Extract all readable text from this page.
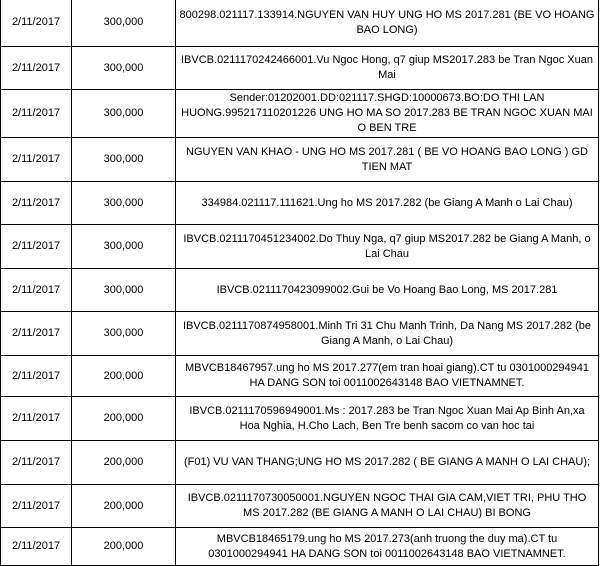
2/11/2017	300,000	800298.021117.133914.NGUYEN VAN HUY UNG HO MS 2017.281 (BE VO HOANG BAO LONG)
2/11/2017	300,000	IBVCB.0211170242466001.Vu Ngoc Hong, q7 giup MS2017.283 be Tran Ngoc Xuan Mai
2/11/2017	300,000	Sender:01202001.DD:021117.SHGD:10000673.BO:DO THI LAN HUONG.995217110201226 UNG HO MA SO 2017.283 BE TRAN NGOC XUAN MAI O BEN TRE
2/11/2017	300,000	NGUYEN VAN KHAO - UNG HO MS 2017.281 ( BE VO HOANG BAO LONG ) GD TIEN MAT
2/11/2017	300,000	334984.021117.111621.Ung ho MS 2017.282 (be Giang A Manh o Lai Chau)
2/11/2017	300,000	IBVCB.0211170451234002.Do Thuy Nga, q7 giup MS2017.282 be Giang A Manh, o Lai Chau
2/11/2017	300,000	IBVCB.0211170423099002.Gui be Vo Hoang Bao Long, MS 2017.281
2/11/2017	300,000	IBVCB.0211170874958001.Minh Tri 31 Chu Manh Trinh, Da Nang MS 2017.282 (be Giang A Manh, o Lai Chau)
2/11/2017	200,000	MBVCB18467957.ung ho MS 2017.277(em tran hoai giang).CT tu 0301000294941 HA DANG SON toi 0011002643148 BAO VIETNAMNET.
2/11/2017	200,000	IBVCB.0211170596949001.Ms : 2017.283 be Tran Ngoc Xuan Mai Ap Binh An,xa Hoa Nghia, H.Cho Lach, Ben Tre benh sacom co van hoc tai
2/11/2017	200,000	(F01) VU VAN THANG;UNG HO MS 2017.282 ( BE GIANG A MANH O LAI CHAU);
2/11/2017	200,000	IBVCB.0211170730050001.NGUYEN NGOC THAI GIA CAM,VIET TRI, PHU THO MS 2017.282 (BE GIANG A MANH O LAI CHAU) BI BONG
2/11/2017	200,000	MBVCB18465179.ung ho MS 2017.273(anh truong the duy ma).CT tu 0301000294941 HA DANG SON toi 0011002643148 BAO VIETNAMNET.
